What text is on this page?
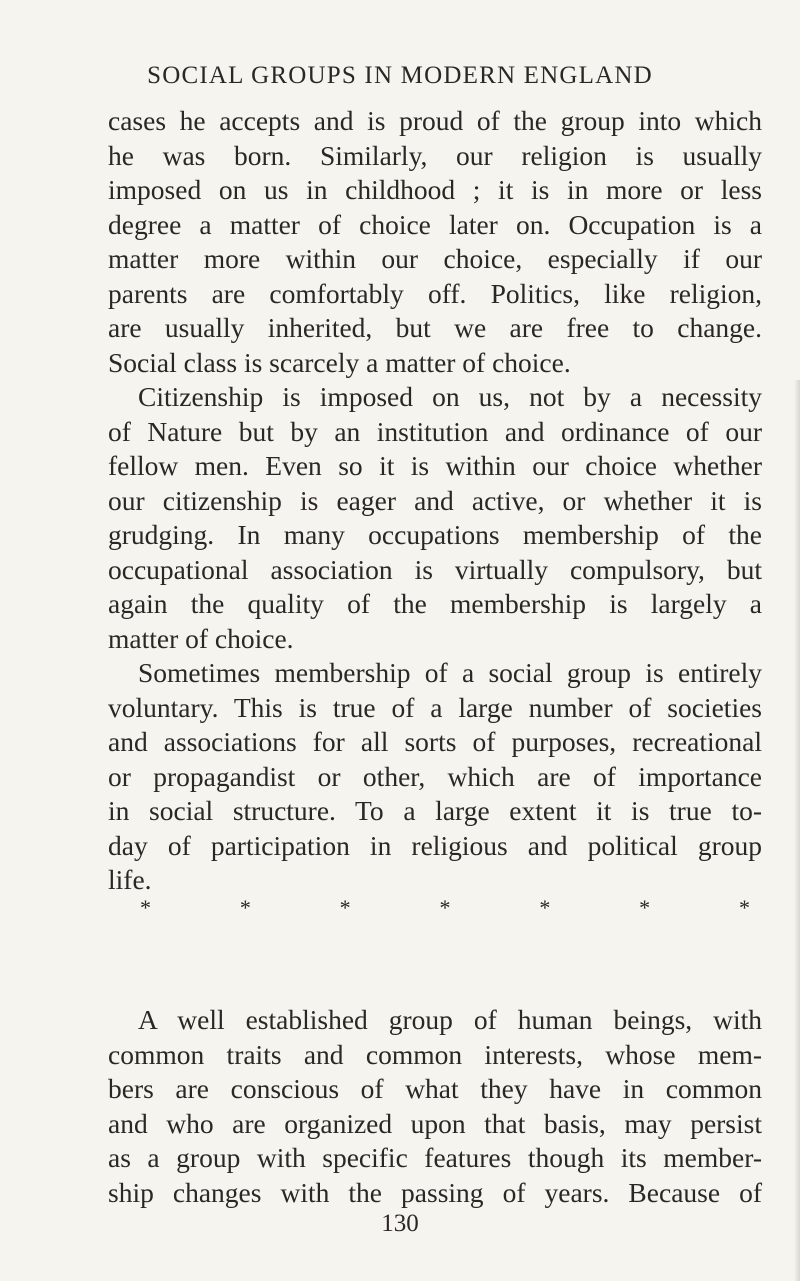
SOCIAL GROUPS IN MODERN ENGLAND
cases he accepts and is proud of the group into which
he was born. Similarly, our religion is usually
imposed on us in childhood ; it is in more or less
degree a matter of choice later on. Occupation is a
matter more within our choice, especially if our
parents are comfortably off. Politics, like religion,
are usually inherited, but we are free to change.
Social class is scarcely a matter of choice.
Citizenship is imposed on us, not by a necessity
of Nature but by an institution and ordinance of our
fellow men. Even so it is within our choice whether
our citizenship is eager and active, or whether it is
grudging. In many occupations membership of the
occupational association is virtually compulsory, but
again the quality of the membership is largely a
matter of choice.
Sometimes membership of a social group is entirely
voluntary. This is true of a large number of societies
and associations for all sorts of purposes, recreational
or propagandist or other, which are of importance
in social structure. To a large extent it is true to-
day of participation in religious and political group
life.
*	*	*	*	*	*	*
A well established group of human beings, with
common traits and common interests, whose mem-
bers are conscious of what they have in common
and who are organized upon that basis, may persist
as a group with specific features though its member-
ship changes with the passing of years. Because of
130
